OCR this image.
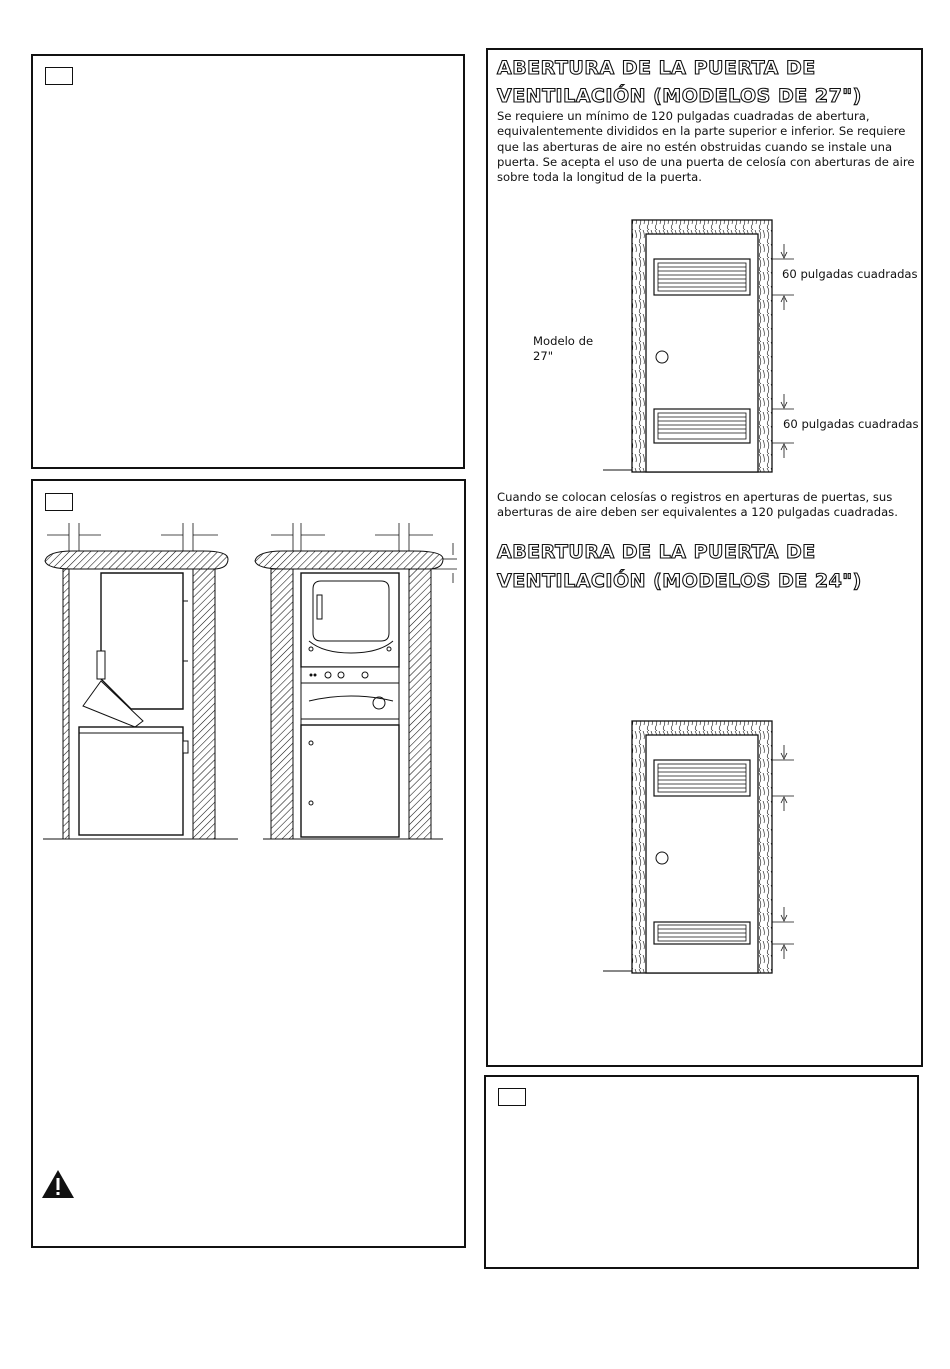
ABERTURA DE LA PUERTA DE
VENTILACIÓN (MODELOS DE 27")
Se requiere un mínimo de 120 pulgadas cuadradas de abertura, equivalentemente divididos en la parte superior e inferior. Se requiere que las aberturas de aire no estén obstruidas cuando se instale una puerta. Se acepta el uso de una puerta de celosía con aberturas de aire sobre toda la longitud de la puerta.
60 pulgadas cuadradas
60 pulgadas cuadradas
Modelo de
27"
Cuando se colocan celosías o registros en aperturas de puertas, sus aberturas de aire deben ser equivalentes a 120 pulgadas cuadradas.
ABERTURA DE LA PUERTA DE
VENTILACIÓN (MODELOS DE 24")
